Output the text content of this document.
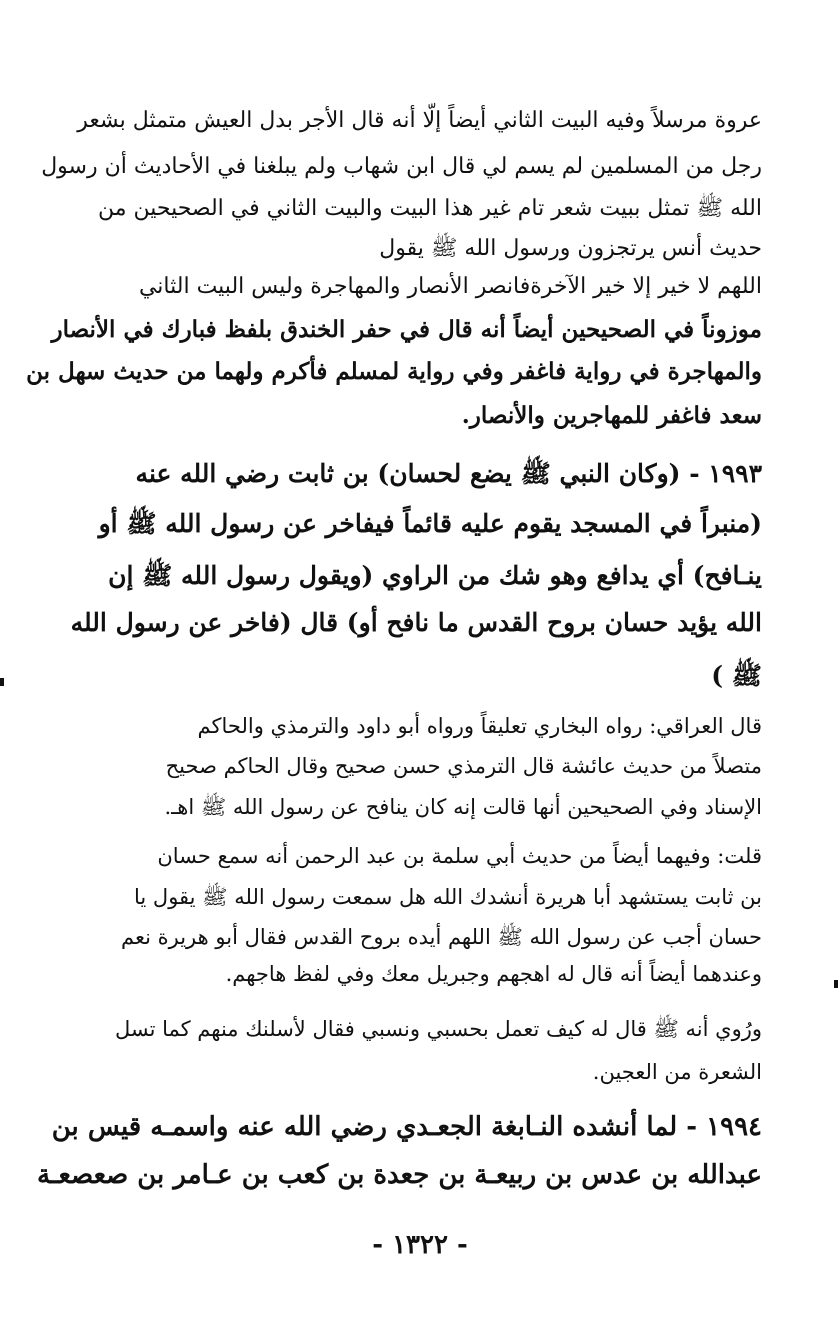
عروة مرسلاً وفيه البيت الثاني أيضاً إلّا أنه قال الأجر بدل العيش متمثل بشعر
رجل من المسلمين لم يسم لي قال ابن شهاب ولم يبلغنا في الأحاديث أن رسول
الله ﷺ تمثل ببيت شعر تام غير هذا البيت والبيت الثاني في الصحيحين من
حديث أنس يرتجزون ورسول الله ﷺ يقول
اللهم لا خير إلا خير الآخرةفانصر الأنصار والمهاجرة وليس البيت الثاني
موزوناً في الصحيحين أيضاً أنه قال في حفر الخندق بلفظ فبارك في الأنصار
والمهاجرة في رواية فاغفر وفي رواية لمسلم فأكرم ولهما من حديث سهل بن
سعد فاغفر للمهاجرين والأنصار.
١٩٩٣ - (وكان النبي ﷺ يضع لحسان) بن ثابت رضي الله عنه
(منبراً في المسجد يقوم عليه قائماً فيفاخر عن رسول الله ﷺ أو
ينـافح) أي يدافع وهو شك من الراوي (ويقول رسول الله ﷺ إن
الله يؤيد حسان بروح القدس ما نافح أو) قال (فاخر عن رسول الله
ﷺ )
قال العراقي: رواه البخاري تعليقاً ورواه أبو داود والترمذي والحاكم
متصلاً من حديث عائشة قال الترمذي حسن صحيح وقال الحاكم صحيح
الإسناد وفي الصحيحين أنها قالت إنه كان ينافح عن رسول الله ﷺ اهـ.
قلت: وفيهما أيضاً من حديث أبي سلمة بن عبد الرحمن أنه سمع حسان
بن ثابت يستشهد أبا هريرة أنشدك الله هل سمعت رسول الله ﷺ يقول يا
حسان أجب عن رسول الله ﷺ اللهم أيده بروح القدس فقال أبو هريرة نعم
وعندهما أيضاً أنه قال له اهجهم وجبريل معك وفي لفظ هاجهم.
ورُوي أنه ﷺ قال له كيف تعمل بحسبي ونسبي فقال لأسلنك منهم كما تسل
الشعرة من العجين.
١٩٩٤ - لما أنشده النـابغة الجعـدي رضي الله عنه واسمـه قيس بن
عبدالله بن عدس بن ربيعـة بن جعدة بن كعب بن عـامر بن صعصعـة
- ١٣٢٢ -
